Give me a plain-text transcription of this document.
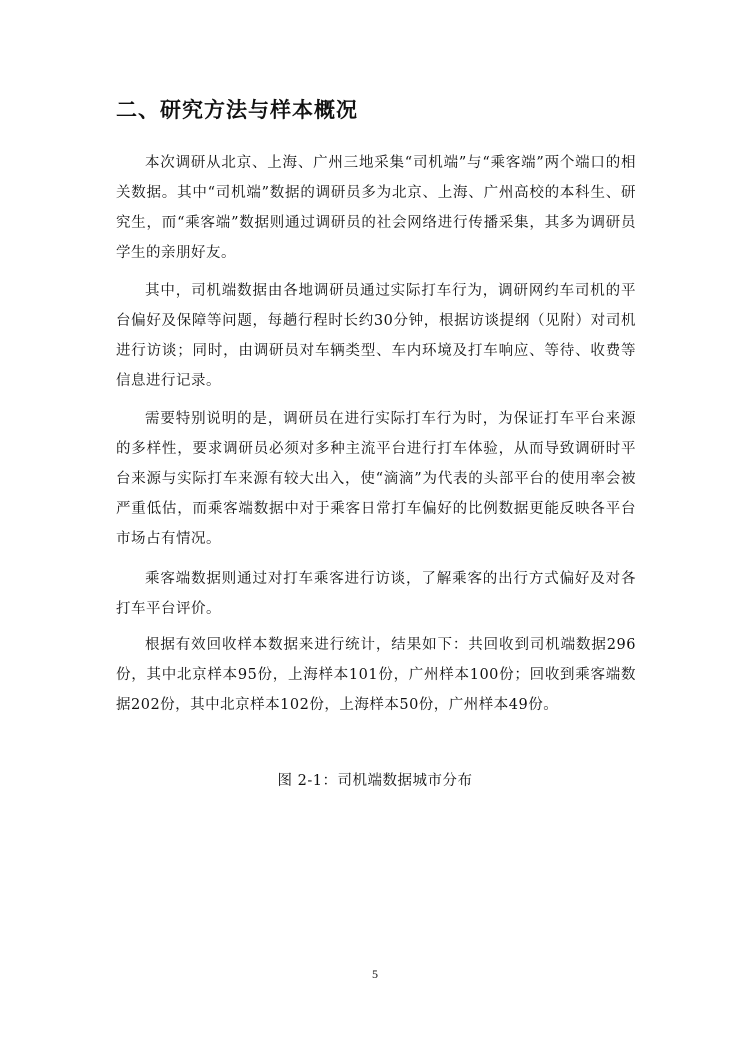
二、研究方法与样本概况

本次调研从北京、上海、广州三地采集“司机端”与“乘客端”两个端口的相关数据。其中“司机端”数据的调研员多为北京、上海、广州高校的本科生、研究生，而“乘客端”数据则通过调研员的社会网络进行传播采集，其多为调研员学生的亲朋好友。

其中，司机端数据由各地调研员通过实际打车行为，调研网约车司机的平台偏好及保障等问题，每趟行程时长约30分钟，根据访谈提纲（见附）对司机进行访谈；同时，由调研员对车辆类型、车内环境及打车响应、等待、收费等信息进行记录。

需要特别说明的是，调研员在进行实际打车行为时，为保证打车平台来源的多样性，要求调研员必须对多种主流平台进行打车体验，从而导致调研时平台来源与实际打车来源有较大出入，使“滴滴”为代表的头部平台的使用率会被严重低估，而乘客端数据中对于乘客日常打车偏好的比例数据更能反映各平台市场占有情况。

乘客端数据则通过对打车乘客进行访谈，了解乘客的出行方式偏好及对各打车平台评价。

根据有效回收样本数据来进行统计，结果如下：共回收到司机端数据296份，其中北京样本95份，上海样本101份，广州样本100份；回收到乘客端数据202份，其中北京样本102份，上海样本50份，广州样本49份。

图 2-1：司机端数据城市分布
5
